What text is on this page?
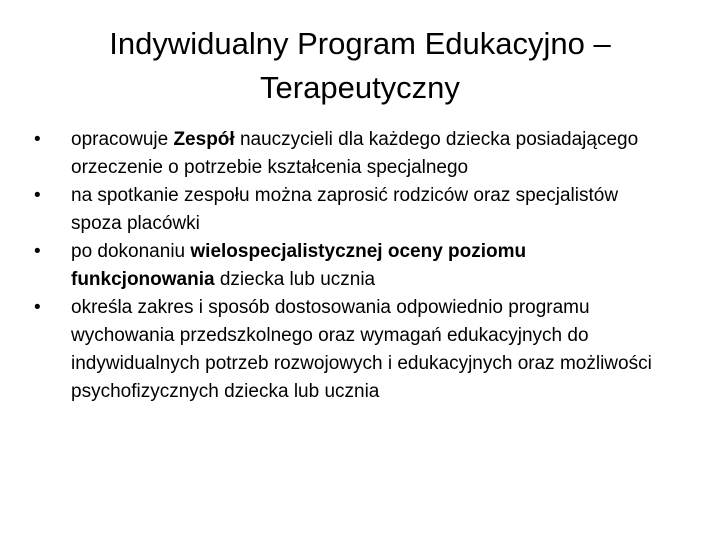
Indywidualny Program Edukacyjno –
Terapeutyczny
•	opracowuje Zespół nauczycieli dla każdego dziecka posiadającego orzeczenie o potrzebie kształcenia specjalnego
•	na spotkanie zespołu można zaprosić rodziców oraz specjalistów spoza placówki
•	po dokonaniu wielospecjalistycznej oceny poziomu funkcjonowania dziecka lub ucznia
•	określa zakres i sposób dostosowania odpowiednio programu wychowania przedszkolnego oraz wymagań edukacyjnych do indywidualnych potrzeb rozwojowych i edukacyjnych oraz możliwości psychofizycznych dziecka lub ucznia
